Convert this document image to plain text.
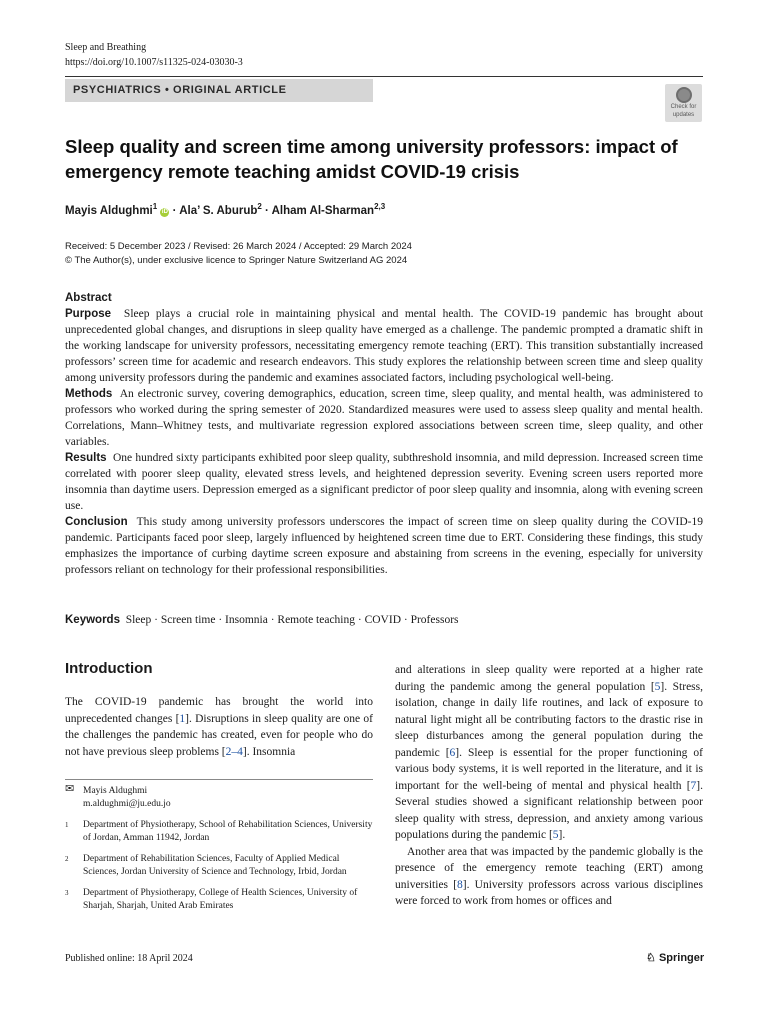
Sleep and Breathing
https://doi.org/10.1007/s11325-024-03030-3
PSYCHIATRICS • ORIGINAL ARTICLE
Check for
updates
Sleep quality and screen time among university professors: impact of emergency remote teaching amidst COVID-19 crisis
Mayis Aldughmi$^1$ iD · Ala’ S. Aburub$^2$ · Alham Al-Sharman$^{2,3}$
Received: 5 December 2023 / Revised: 26 March 2024 / Accepted: 29 March 2024
© The Author(s), under exclusive licence to Springer Nature Switzerland AG 2024
Abstract

Purpose Sleep plays a crucial role in maintaining physical and mental health. The COVID-19 pandemic has brought about unprecedented global changes, and disruptions in sleep quality have emerged as a challenge. The pandemic prompted a dramatic shift in the working landscape for university professors, necessitating emergency remote teaching (ERT). This transition substantially increased professors’ screen time for academic and research endeavors. This study explores the relationship between screen time and sleep quality among university professors during the pandemic and examines associated factors, including psychological well-being.

Methods An electronic survey, covering demographics, education, screen time, sleep quality, and mental health, was administered to professors who worked during the spring semester of 2020. Standardized measures were used to assess sleep quality and mental health. Correlations, Mann–Whitney tests, and multivariate regression explored associations between screen time, sleep quality, and other variables.

Results One hundred sixty participants exhibited poor sleep quality, subthreshold insomnia, and mild depression. Increased screen time correlated with poorer sleep quality, elevated stress levels, and heightened depression severity. Evening screen users reported more insomnia than daytime users. Depression emerged as a significant predictor of poor sleep quality and insomnia, along with evening screen use.

Conclusion This study among university professors underscores the impact of screen time on sleep quality during the COVID-19 pandemic. Participants faced poor sleep, largely influenced by heightened screen time due to ERT. Considering these findings, this study emphasizes the importance of curbing daytime screen exposure and abstaining from screens in the evening, especially for university professors reliant on technology for their professional responsibilities.

Keywords Sleep · Screen time · Insomnia · Remote teaching · COVID · Professors
Introduction

The COVID-19 pandemic has brought the world into unprecedented changes [1]. Disruptions in sleep quality are one of the challenges the pandemic has created, even for people who do not have previous sleep problems [2–4]. Insomnia

✉ Mayis Aldughmi
m.aldughmi@ju.edu.jo
1 Department of Physiotherapy, School of Rehabilitation Sciences, University of Jordan, Amman 11942, Jordan
2 Department of Rehabilitation Sciences, Faculty of Applied Medical Sciences, Jordan University of Science and Technology, Irbid, Jordan
3 Department of Physiotherapy, College of Health Sciences, University of Sharjah, Sharjah, United Arab Emirates

and alterations in sleep quality were reported at a higher rate during the pandemic among the general population [5]. Stress, isolation, change in daily life routines, and lack of exposure to natural light might all be contributing factors to the drastic rise in sleep disturbances among the general population during the pandemic [6]. Sleep is essential for the proper functioning of various body systems, it is well reported in the literature, and it is important for the well-being of mental and physical health [7]. Several studies showed a significant relationship between poor sleep quality with stress, depression, and anxiety among various populations during the pandemic [5].

Another area that was impacted by the pandemic globally is the presence of the emergency remote teaching (ERT) among universities [8]. University professors across various disciplines were forced to work from homes or offices and

Published online: 18 April 2024	♘ Springer
